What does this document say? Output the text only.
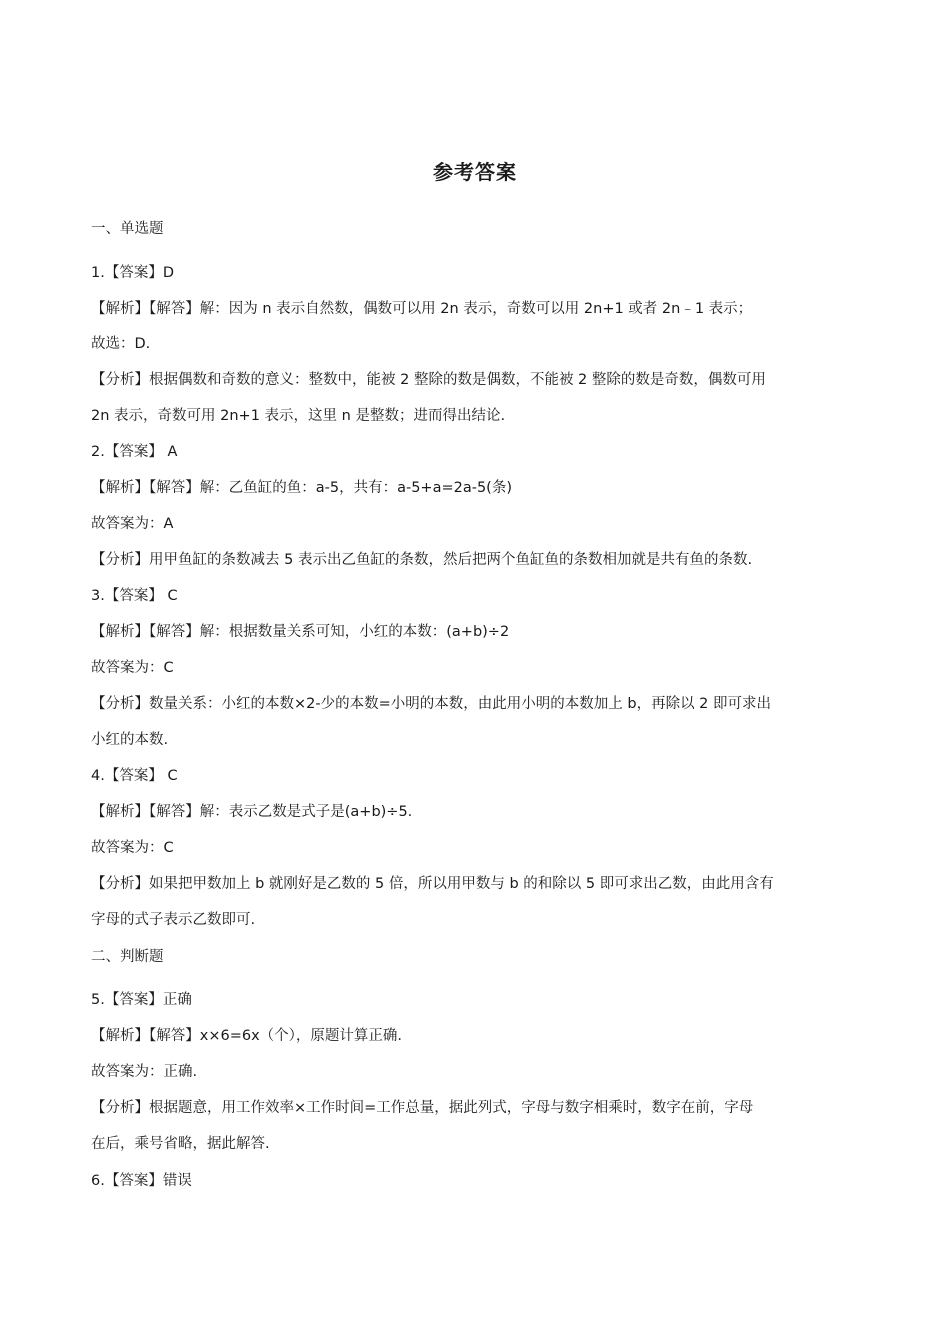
参考答案
一、单选题
1.【答案】D
【解析】【解答】解：因为 n 表示自然数，偶数可以用 2n 表示，奇数可以用 2n+1 或者 2n﹣1 表示；
故选：D.
【分析】根据偶数和奇数的意义：整数中，能被 2 整除的数是偶数，不能被 2 整除的数是奇数，偶数可用
2n 表示，奇数可用 2n+1 表示，这里 n 是整数；进而得出结论.
2.【答案】 A
【解析】【解答】解：乙鱼缸的鱼：a-5，共有：a-5+a=2a-5(条)
故答案为：A
【分析】用甲鱼缸的条数减去 5 表示出乙鱼缸的条数，然后把两个鱼缸鱼的条数相加就是共有鱼的条数.
3.【答案】 C
【解析】【解答】解：根据数量关系可知，小红的本数：(a+b)÷2
故答案为：C
【分析】数量关系：小红的本数×2-少的本数=小明的本数，由此用小明的本数加上 b，再除以 2 即可求出
小红的本数.
4.【答案】 C
【解析】【解答】解：表示乙数是式子是(a+b)÷5.
故答案为：C
【分析】如果把甲数加上 b 就刚好是乙数的 5 倍，所以用甲数与 b 的和除以 5 即可求出乙数，由此用含有
字母的式子表示乙数即可.
二、判断题
5.【答案】正确
【解析】【解答】x×6=6x（个），原题计算正确.
故答案为：正确.
【分析】根据题意，用工作效率×工作时间=工作总量，据此列式，字母与数字相乘时，数字在前，字母
在后，乘号省略，据此解答.
6.【答案】错误
